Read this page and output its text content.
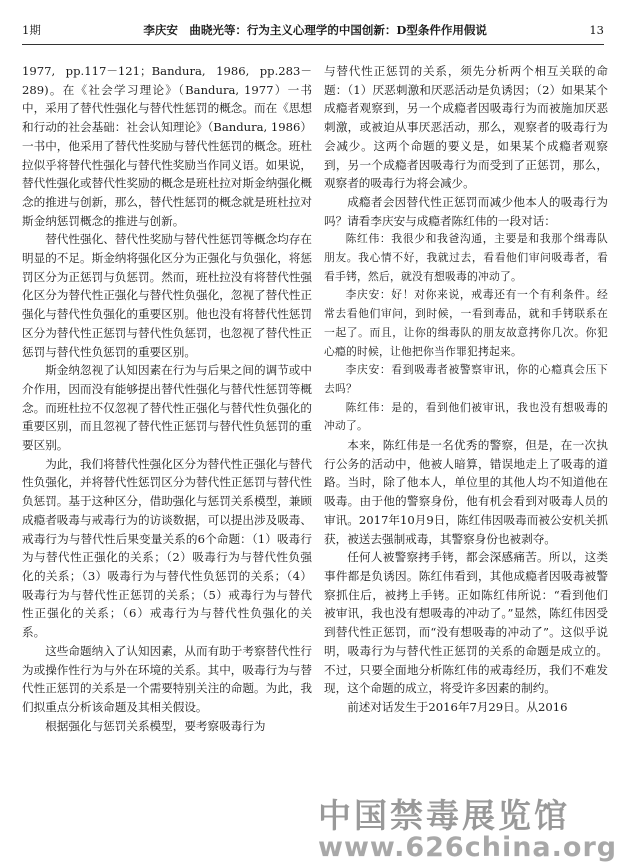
1期	李庆安　曲晓光等：行为主义心理学的中国创新：D型条件作用假说	13

1977, pp.117－121；Bandura, 1986, pp.283－289)。在《社会学习理论》（Bandura, 1977）一书中，采用了替代性强化与替代性惩罚的概念。而在《思想和行动的社会基础：社会认知理论》（Bandura, 1986）一书中，他采用了替代性奖励与替代性惩罚的概念。班杜拉似乎将替代性强化与替代性奖励当作同义语。如果说，替代性强化或替代性奖励的概念是班杜拉对斯金纳强化概念的推进与创新，那么，替代性惩罚的概念就是班杜拉对斯金纳惩罚概念的推进与创新。

替代性强化、替代性奖励与替代性惩罚等概念均存在明显的不足。斯金纳将强化区分为正强化与负强化，将惩罚区分为正惩罚与负惩罚。然而，班杜拉没有将替代性强化区分为替代性正强化与替代性负强化，忽视了替代性正强化与替代性负强化的重要区别。他也没有将替代性惩罚区分为替代性正惩罚与替代性负惩罚，也忽视了替代性正惩罚与替代性负惩罚的重要区别。

斯金纳忽视了认知因素在行为与后果之间的调节或中介作用，因而没有能够提出替代性强化与替代性惩罚等概念。而班杜拉不仅忽视了替代性正强化与替代性负强化的重要区别，而且忽视了替代性正惩罚与替代性负惩罚的重要区别。

为此，我们将替代性强化区分为替代性正强化与替代性负强化，并将替代性惩罚区分为替代性正惩罚与替代性负惩罚。基于这种区分，借助强化与惩罚关系模型，兼顾成瘾者吸毒与戒毒行为的访谈数据，可以提出涉及吸毒、戒毒行为与替代性后果变量关系的6个命题：（1）吸毒行为与替代性正强化的关系；（2）吸毒行为与替代性负强化的关系；（3）吸毒行为与替代性负惩罚的关系；（4）吸毒行为与替代性正惩罚的关系；（5）戒毒行为与替代性正强化的关系；（6）戒毒行为与替代性负强化的关系。

这些命题纳入了认知因素，从而有助于考察替代性行为或操作性行为与外在环境的关系。其中，吸毒行为与替代性正惩罚的关系是一个需要特别关注的命题。为此，我们拟重点分析该命题及其相关假设。

根据强化与惩罚关系模型，要考察吸毒行为

与替代性正惩罚的关系，须先分析两个相互关联的命题：（1）厌恶刺激和厌恶活动是负诱因；（2）如果某个成瘾者观察到，另一个成瘾者因吸毒行为而被施加厌恶刺激，或被迫从事厌恶活动，那么，观察者的吸毒行为会减少。这两个命题的要义是，如果某个成瘾者观察到，另一个成瘾者因吸毒行为而受到了正惩罚，那么，观察者的吸毒行为将会减少。

成瘾者会因替代性正惩罚而减少他本人的吸毒行为吗？请看李庆安与成瘾者陈红伟的一段对话：

陈红伟：我很少和我爸沟通，主要是和我那个缉毒队朋友。我心情不好，我就过去，看看他们审问吸毒者，看看手铐，然后，就没有想吸毒的冲动了。

李庆安：好！对你来说，戒毒还有一个有利条件。经常去看他们审问，到时候，一看到毒品，就和手铐联系在一起了。而且，让你的缉毒队的朋友故意拷你几次。你犯心瘾的时候，让他把你当作罪犯拷起来。

李庆安：看到吸毒者被警察审讯，你的心瘾真会压下去吗？

陈红伟：是的，看到他们被审讯，我也没有想吸毒的冲动了。

本来，陈红伟是一名优秀的警察，但是，在一次执行公务的活动中，他被人暗算，错误地走上了吸毒的道路。当时，除了他本人，单位里的其他人均不知道他在吸毒。由于他的警察身份，他有机会看到对吸毒人员的审讯。2017年10月9日，陈红伟因吸毒而被公安机关抓获，被送去强制戒毒，其警察身份也被剥夺。

任何人被警察拷手铐，都会深感痛苦。所以，这类事件都是负诱因。陈红伟看到，其他成瘾者因吸毒被警察抓住后，被拷上手铐。正如陈红伟所说：“看到他们被审讯，我也没有想吸毒的冲动了。”显然，陈红伟因受到替代性正惩罚，而“没有想吸毒的冲动了”。这似乎说明，吸毒行为与替代性正惩罚的关系的命题是成立的。不过，只要全面地分析陈红伟的戒毒经历，我们不难发现，这个命题的成立，将受许多因素的制约。

前述对话发生于2016年7月29日。从2016

中国禁毒展览馆
www.626china.org
